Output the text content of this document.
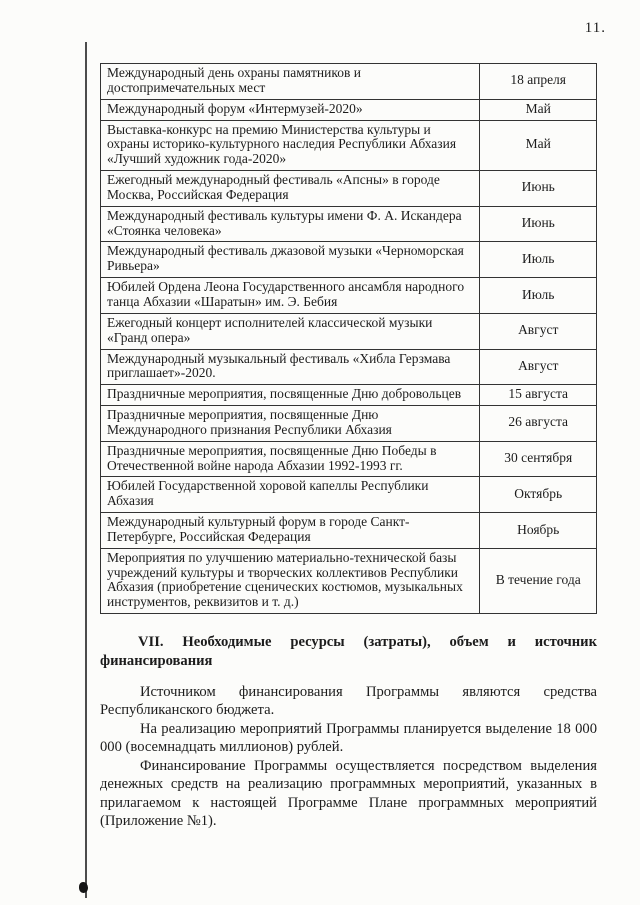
11.
Международный день охраны памятников и достопримечательных мест	18 апреля
Международный форум «Интермузей-2020»	Май
Выставка-конкурс на премию Министерства культуры и охраны историко-культурного наследия Республики Абхазия «Лучший художник года-2020»	Май
Ежегодный международный фестиваль «Апсны» в городе Москва, Российская Федерация	Июнь
Международный фестиваль культуры имени Ф. А. Искандера «Стоянка человека»	Июнь
Международный фестиваль джазовой музыки «Черноморская Ривьера»	Июль
Юбилей Ордена Леона Государственного ансамбля народного танца Абхазии «Шаратын» им. Э. Бебия	Июль
Ежегодный концерт исполнителей классической музыки «Гранд опера»	Август
Международный музыкальный фестиваль «Хибла Герзмава приглашает»-2020.	Август
Праздничные мероприятия, посвященные Дню добровольцев	15 августа
Праздничные мероприятия, посвященные Дню Международного признания Республики Абхазия	26 августа
Праздничные мероприятия, посвященные Дню Победы в Отечественной войне народа Абхазии 1992-1993 гг.	30 сентября
Юбилей Государственной хоровой капеллы Республики Абхазия	Октябрь
Международный культурный форум в городе Санкт-Петербурге, Российская Федерация	Ноябрь
Мероприятия по улучшению материально-технической базы учреждений культуры и творческих коллективов Республики Абхазия (приобретение сценических костюмов, музыкальных инструментов, реквизитов и т. д.)	В течение года
VII. Необходимые ресурсы (затраты), объем и источник
финансирования

Источником финансирования Программы являются средства Республиканского бюджета.

На реализацию мероприятий Программы планируется выделение 18 000 000 (восемнадцать миллионов) рублей.

Финансирование Программы осуществляется посредством выделения денежных средств на реализацию программных мероприятий, указанных в прилагаемом к настоящей Программе Плане программных мероприятий (Приложение №1).
